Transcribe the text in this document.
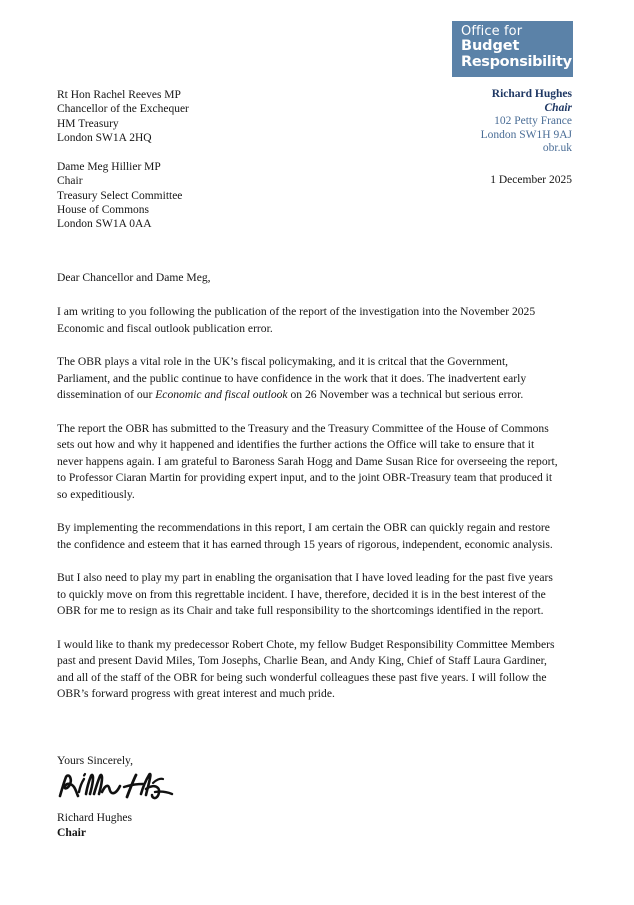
Office for
Budget
Responsibility
Richard Hughes
Chair
102 Petty France
London SW1H 9AJ
obr.uk
1 December 2025
Rt Hon Rachel Reeves MP
Chancellor of the Exchequer
HM Treasury
London SW1A 2HQ
Dame Meg Hillier MP
Chair
Treasury Select Committee
House of Commons
London SW1A 0AA

Dear Chancellor and Dame Meg,

I am writing to you following the publication of the report of the investigation into the November 2025 Economic and fiscal outlook publication error.

The OBR plays a vital role in the UK’s fiscal policymaking, and it is critcal that the Government, Parliament, and the public continue to have confidence in the work that it does. The inadvertent early dissemination of our Economic and fiscal outlook on 26 November was a technical but serious error.

The report the OBR has submitted to the Treasury and the Treasury Committee of the House of Commons sets out how and why it happened and identifies the further actions the Office will take to ensure that it never happens again. I am grateful to Baroness Sarah Hogg and Dame Susan Rice for overseeing the report, to Professor Ciaran Martin for providing expert input, and to the joint OBR-Treasury team that produced it so expeditiously.

By implementing the recommendations in this report, I am certain the OBR can quickly regain and restore the confidence and esteem that it has earned through 15 years of rigorous, independent, economic analysis.

But I also need to play my part in enabling the organisation that I have loved leading for the past five years to quickly move on from this regrettable incident. I have, therefore, decided it is in the best interest of the OBR for me to resign as its Chair and take full responsibility to the shortcomings identified in the report.

I would like to thank my predecessor Robert Chote, my fellow Budget Responsibility Committee Members past and present David Miles, Tom Josephs, Charlie Bean, and Andy King, Chief of Staff Laura Gardiner, and all of the staff of the OBR for being such wonderful colleagues these past five years. I will follow the OBR’s forward progress with great interest and much pride.

Yours Sincerely,
Richard Hughes
Chair
